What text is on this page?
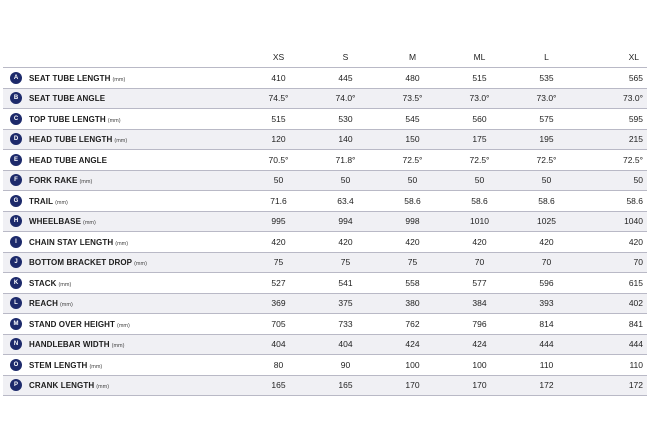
		XS	S	M	ML	L	XL
A	SEAT TUBE LENGTH (mm)	410	445	480	515	535	565
B	SEAT TUBE ANGLE	74.5°	74.0°	73.5°	73.0°	73.0°	73.0°
C	TOP TUBE LENGTH (mm)	515	530	545	560	575	595
D	HEAD TUBE LENGTH (mm)	120	140	150	175	195	215
E	HEAD TUBE ANGLE	70.5°	71.8°	72.5°	72.5°	72.5°	72.5°
F	FORK RAKE (mm)	50	50	50	50	50	50
G	TRAIL (mm)	71.6	63.4	58.6	58.6	58.6	58.6
H	WHEELBASE (mm)	995	994	998	1010	1025	1040
I	CHAIN STAY LENGTH (mm)	420	420	420	420	420	420
J	BOTTOM BRACKET DROP (mm)	75	75	75	70	70	70
K	STACK (mm)	527	541	558	577	596	615
L	REACH (mm)	369	375	380	384	393	402
M	STAND OVER HEIGHT (mm)	705	733	762	796	814	841
N	HANDLEBAR WIDTH (mm)	404	404	424	424	444	444
O	STEM LENGTH (mm)	80	90	100	100	110	110
P	CRANK LENGTH (mm)	165	165	170	170	172	172
